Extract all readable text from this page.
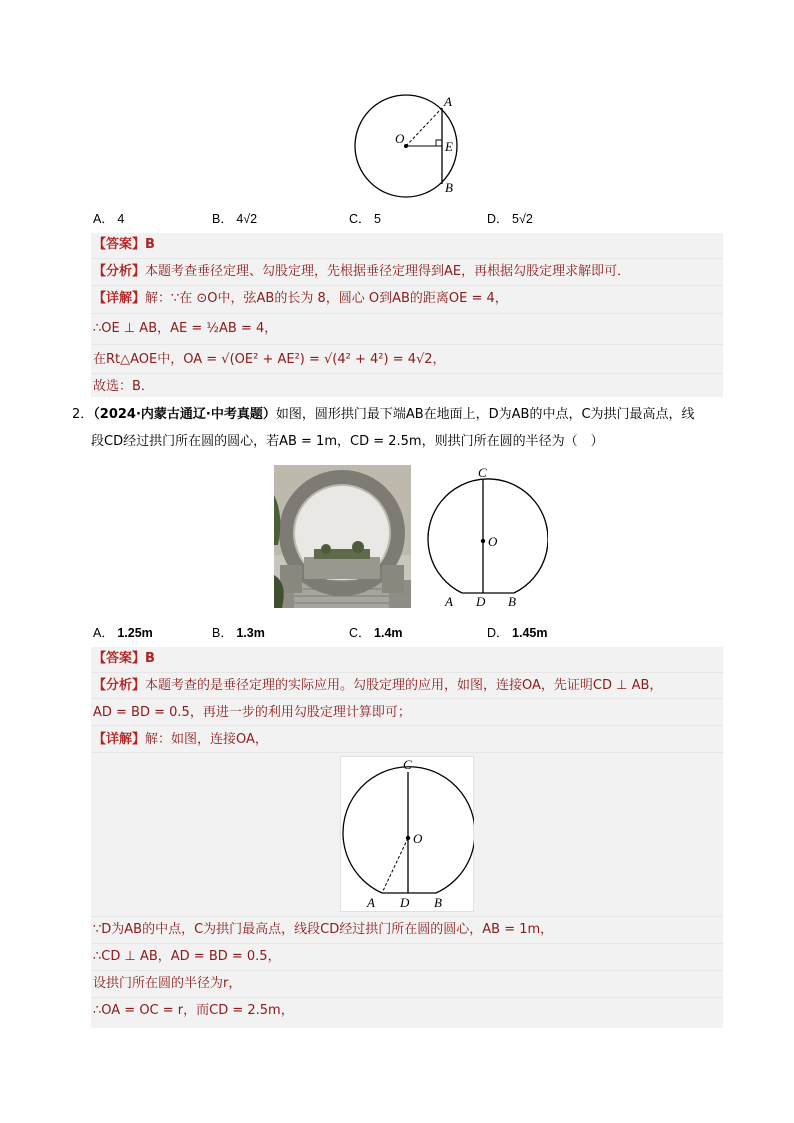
A
O
E
B
A． 4	B． 4√2	C． 5	D． 5√2
【答案】B
【分析】本题考查垂径定理、勾股定理，先根据垂径定理得到AE，再根据勾股定理求解即可．
【详解】解：∵在 ⊙O中，弦AB的长为 8，圆心 O到AB的距离OE = 4，
∴OE ⊥ AB，AE = ½AB = 4，
在Rt△AOE中，OA = √(OE² + AE²) = √(4² + 4²) = 4√2，
故选：B．
2．（2024·内蒙古通辽·中考真题）如图，圆形拱门最下端AB在地面上，D为AB的中点，C为拱门最高点，线
段CD经过拱门所在圆的圆心，若AB = 1m，CD = 2.5m，则拱门所在圆的半径为（　）
C
O
A D B
A． 1.25m	B． 1.3m	C． 1.4m	D． 1.45m
【答案】B
【分析】本题考查的是垂径定理的实际应用。勾股定理的应用，如图，连接OA，先证明CD ⊥ AB，
AD = BD = 0.5，再进一步的利用勾股定理计算即可；
【详解】解：如图，连接OA，
C
O
A D B
∵D为AB的中点，C为拱门最高点，线段CD经过拱门所在圆的圆心，AB = 1m，
∴CD ⊥ AB，AD = BD = 0.5，
设拱门所在圆的半径为r，
∴OA = OC = r，而CD = 2.5m，
